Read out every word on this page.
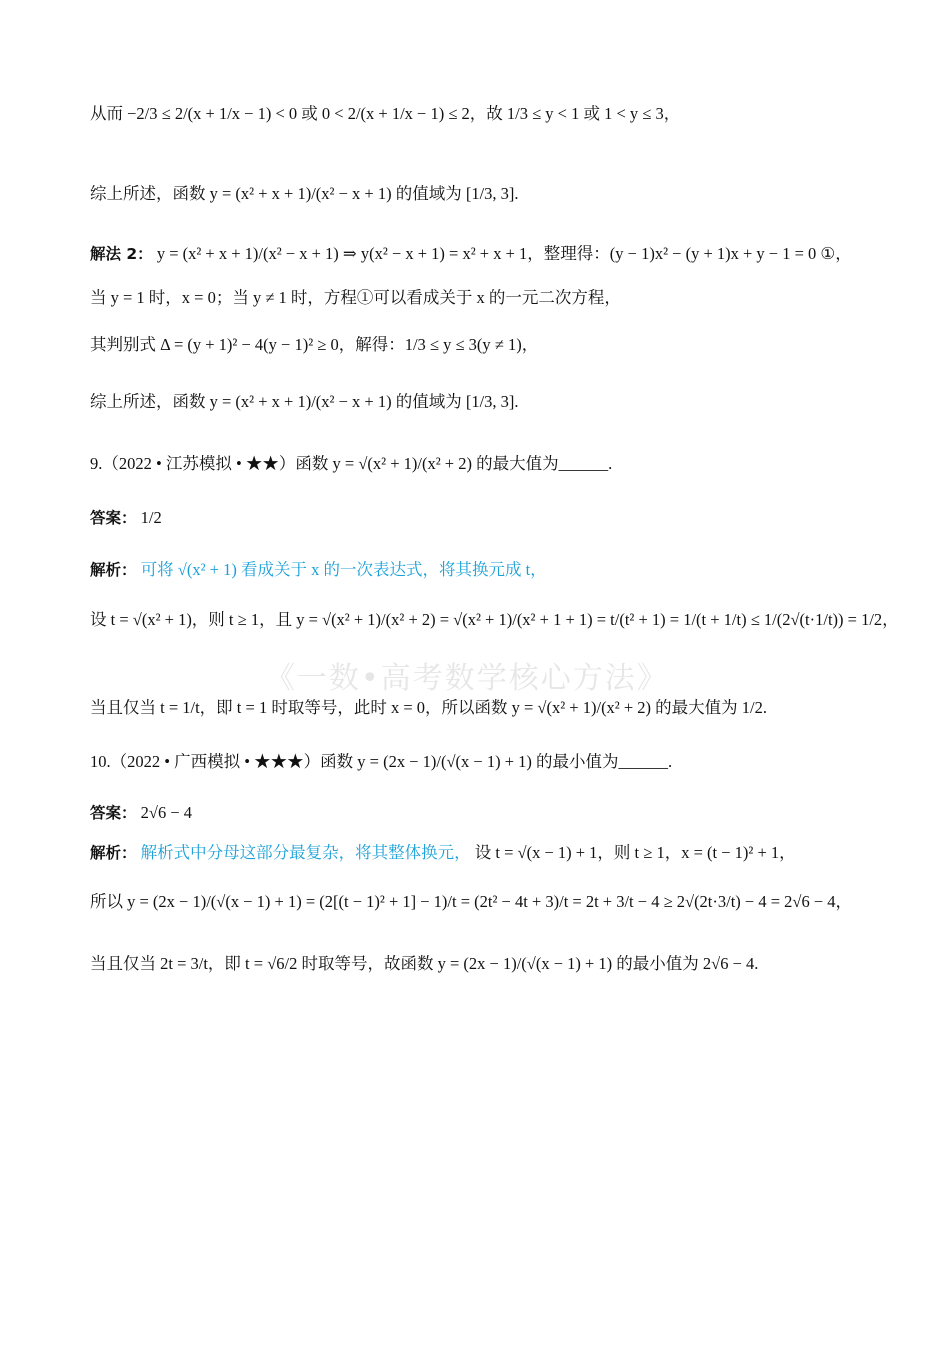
《一数•高考数学核心方法》
从而 −2/3 ≤ 2/(x + 1/x − 1) < 0 或 0 < 2/(x + 1/x − 1) ≤ 2，故 1/3 ≤ y < 1 或 1 < y ≤ 3，
综上所述，函数 y = (x² + x + 1)/(x² − x + 1) 的值域为 [1/3, 3].
解法 2： y = (x² + x + 1)/(x² − x + 1) ⇒ y(x² − x + 1) = x² + x + 1，整理得：(y − 1)x² − (y + 1)x + y − 1 = 0 ①，
当 y = 1 时，x = 0；当 y ≠ 1 时，方程①可以看成关于 x 的一元二次方程，
其判别式 Δ = (y + 1)² − 4(y − 1)² ≥ 0，解得：1/3 ≤ y ≤ 3(y ≠ 1)，
综上所述，函数 y = (x² + x + 1)/(x² − x + 1) 的值域为 [1/3, 3].
9.（2022 • 江苏模拟 • ★★）函数 y = √(x² + 1)/(x² + 2) 的最大值为______.
答案： 1/2
解析： 可将 √(x² + 1) 看成关于 x 的一次表达式，将其换元成 t，
设 t = √(x² + 1)，则 t ≥ 1，且 y = √(x² + 1)/(x² + 2) = √(x² + 1)/(x² + 1 + 1) = t/(t² + 1) = 1/(t + 1/t) ≤ 1/(2√(t·1/t)) = 1/2，
当且仅当 t = 1/t，即 t = 1 时取等号，此时 x = 0，所以函数 y = √(x² + 1)/(x² + 2) 的最大值为 1/2.
10.（2022 • 广西模拟 • ★★★）函数 y = (2x − 1)/(√(x − 1) + 1) 的最小值为______.
答案： 2√6 − 4
解析： 解析式中分母这部分最复杂，将其整体换元， 设 t = √(x − 1) + 1，则 t ≥ 1，x = (t − 1)² + 1，
所以 y = (2x − 1)/(√(x − 1) + 1) = (2[(t − 1)² + 1] − 1)/t = (2t² − 4t + 3)/t = 2t + 3/t − 4 ≥ 2√(2t·3/t) − 4 = 2√6 − 4，
当且仅当 2t = 3/t，即 t = √6/2 时取等号，故函数 y = (2x − 1)/(√(x − 1) + 1) 的最小值为 2√6 − 4.
